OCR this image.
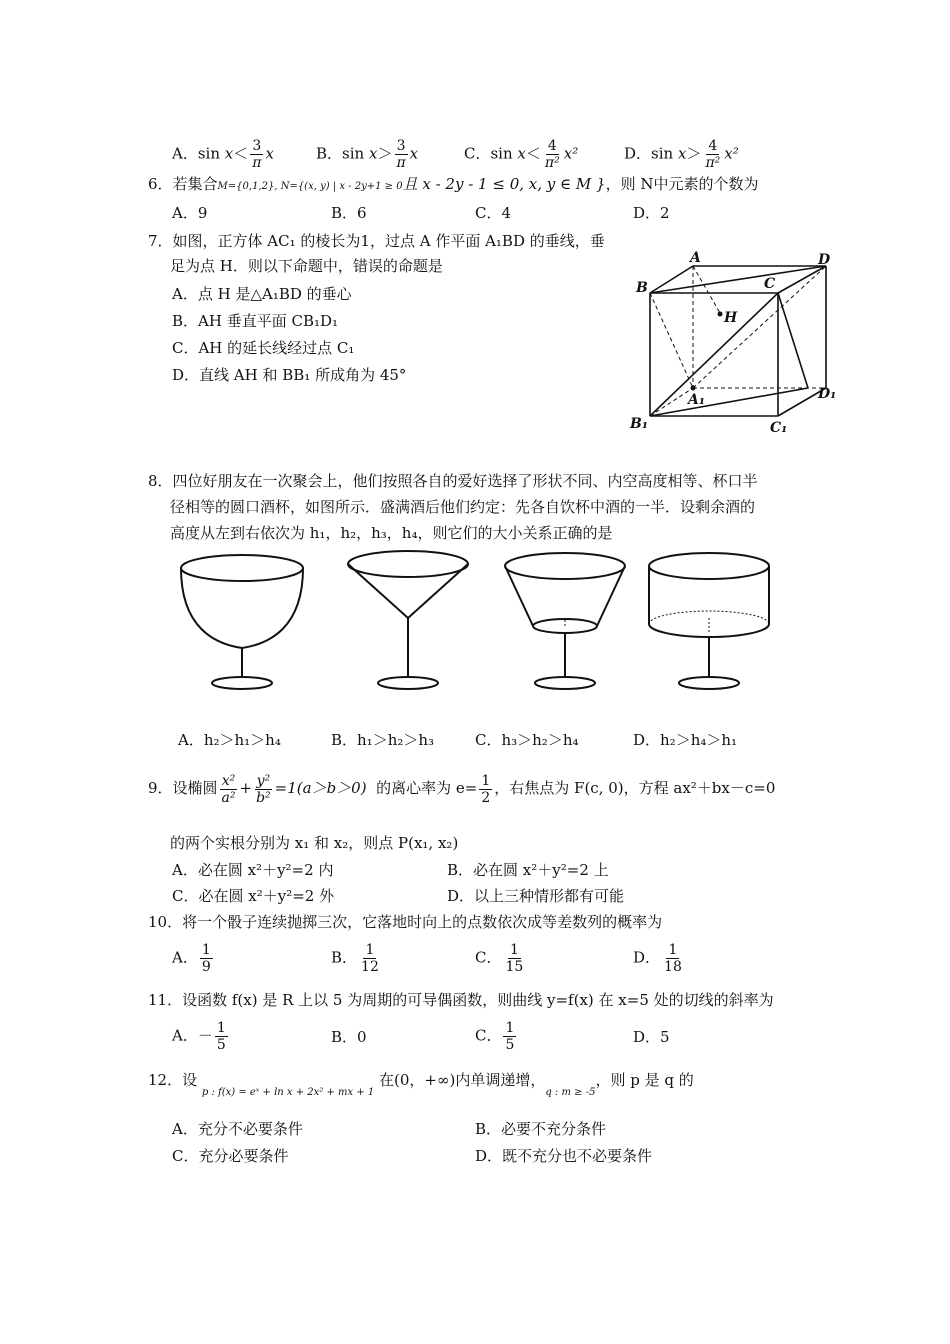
A．$\sin x< \frac{3}{\pi}$ x	B．$\sin x> \frac{3}{\pi}$ x	C．$\sin x< \frac{4}{\text{π²}} x^2$	D．$\sin x> \frac{4}{\text{π²}} x^2$
6．若集合M={0,1,2}, N={(x, y) | x - 2y+1 ≥ 0且 x - 2y - 1 ≤ 0, x, y ∈ M }，则 N中元素的个数为
A．9	B．6	C．4	D．2
7．如图，正方体 AC₁ 的棱长为1，过点 A 作平面 A₁BD 的垂线，垂
足为点 H．则以下命题中，错误的命题是
A．点 H 是△A₁BD 的垂心
B．AH 垂直平面 CB₁D₁
C．AH 的延长线经过点 C₁
D．直线 AH 和 BB₁ 所成角为 45°
A
B	C
D
H
A₁
B₁	C₁
D₁
8．四位好朋友在一次聚会上，他们按照各自的爱好选择了形状不同、内空高度相等、杯口半
径相等的圆口酒杯，如图所示．盛满酒后他们约定：先各自饮杯中酒的一半．设剩余酒的
高度从左到右依次为 h₁，h₂，h₃，h₄，则它们的大小关系正确的是
A．h₂＞h₁＞h₄	B．h₁＞h₂＞h₃	C．h₃＞h₂＞h₄	D．h₂＞h₄＞h₁
9．设椭圆 $\frac{\text{x²}}{\text{a²}} + \frac{\text{y²}}{\text{b²}} =1(a>b>0)$ 的离心率为 $e= \frac{1}{2}$ ，右焦点为 F(c, 0)，方程 ax²＋bx－c=0
的两个实根分别为 x₁ 和 x₂，则点 P(x₁, x₂)
A．必在圆 x²＋y²=2 内	B．必在圆 x²＋y²=2 上
C．必在圆 x²＋y²=2 外	D．以上三种情形都有可能
10．将一个骰子连续抛掷三次，它落地时向上的点数依次成等差数列的概率为
A． $\frac{1}{9}$	B． $\frac{1}{12}$	C． $\frac{1}{15}$	D． $\frac{1}{18}$
11．设函数 f(x) 是 R 上以 5 为周期的可导偶函数，则曲线 y=f(x) 在 x=5 处的切线的斜率为
A．－ $\frac{1}{5}$	B．0	C． $\frac{1}{5}$	D．5
12．设 $_{p : f(x) = eˣ + ln x + 2x^2 + mx + 1}$ 在(0，+∞)内单调递增，$_{q : m \ge -5}$，则 p 是 q 的
A．充分不必要条件	B．必要不充分条件
C．充分必要条件	D．既不充分也不必要条件
